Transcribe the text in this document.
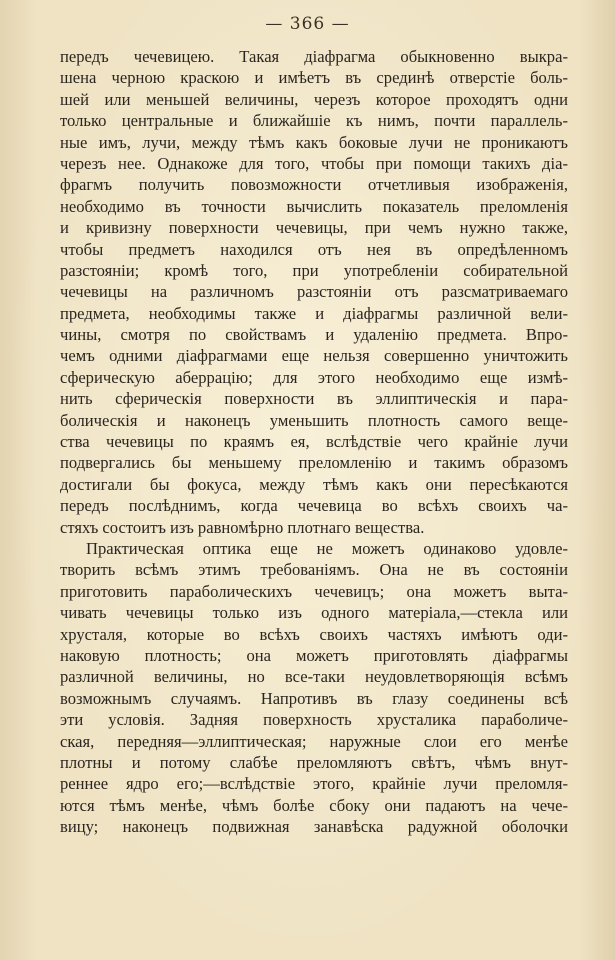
— 366 —
передъ чечевицею. Такая діафрагма обыкновенно выкра-
шена черною краскою и имѣетъ въ срединѣ отверстіе боль-
шей или меньшей величины, черезъ которое проходятъ одни
только центральные и ближайшіе къ нимъ, почти параллель-
ные имъ, лучи, между тѣмъ какъ боковые лучи не проникаютъ
черезъ нее. Однакоже для того, чтобы при помощи такихъ діа-
фрагмъ получить повозможности отчетливыя изображенія,
необходимо въ точности вычислить показатель преломленія
и кривизну поверхности чечевицы, при чемъ нужно также,
чтобы предметъ находился отъ нея въ опредѣленномъ
разстояніи; кромѣ того, при употребленіи собирательной
чечевицы на различномъ разстояніи отъ разсматриваемаго
предмета, необходимы также и діафрагмы различной вели-
чины, смотря по свойствамъ и удаленію предмета. Впро-
чемъ одними діафрагмами еще нельзя совершенно уничтожить
сферическую аберрацію; для этого необходимо еще измѣ-
нить сферическія поверхности въ эллиптическія и пара-
болическія и наконецъ уменьшить плотность самого веще-
ства чечевицы по краямъ ея, вслѣдствіе чего крайніе лучи
подвергались бы меньшему преломленію и такимъ образомъ
достигали бы фокуса, между тѣмъ какъ они пересѣкаются
передъ послѣднимъ, когда чечевица во всѣхъ своихъ ча-
стяхъ состоитъ изъ равномѣрно плотнаго вещества.
Практическая оптика еще не можетъ одинаково удовле-
творить всѣмъ этимъ требованіямъ. Она не въ состояніи
приготовить параболическихъ чечевицъ; она можетъ выта-
чивать чечевицы только изъ одного матеріала,—стекла или
хрусталя, которые во всѣхъ своихъ частяхъ имѣютъ оди-
наковую плотность; она можетъ приготовлять діафрагмы
различной величины, но все-таки неудовлетворяющія всѣмъ
возможнымъ случаямъ. Напротивъ въ глазу соединены всѣ
эти условія. Задняя поверхность хрусталика параболиче-
ская, передняя—эллиптическая; наружные слои его менѣе
плотны и потому слабѣе преломляютъ свѣтъ, чѣмъ внут-
реннее ядро его;—вслѣдствіе этого, крайніе лучи преломля-
ются тѣмъ менѣе, чѣмъ болѣе сбоку они падаютъ на чече-
вицу; наконецъ подвижная занавѣска радужной оболочки
